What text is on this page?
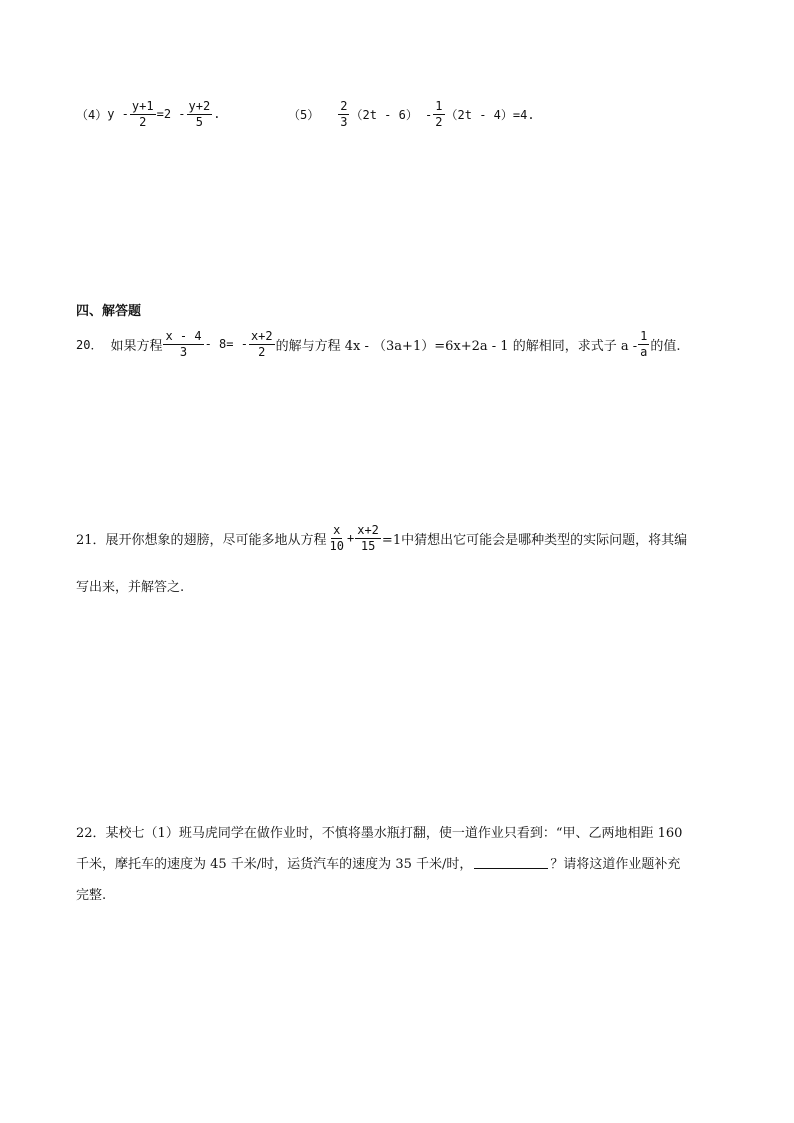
（4） $y - \frac{y+1}{2} =2 - \frac{y+2}{5}$ .	$(5) \frac{2}{3} (2t - 6) - \frac{1}{2} (2t - 4)=4$.
四、解答题
20． 如果方程 $\frac{x - 4}{3} - 8= - \frac{x+2}{2}$ 的解与方程 4x - （3a+1）=6x+2a - 1 的解相同，求式子 a - $\frac{1}{a}$ 的值.
21．展开你想象的翅膀，尽可能多地从方程 $\frac{x}{10} + \frac{x+2}{15} =1$中猜想出它可能会是哪种类型的实际问题，将其编
写出来，并解答之.
22．某校七（1）班马虎同学在做作业时，不慎将墨水瓶打翻，使一道作业只看到：“甲、乙两地相距 160
千米，摩托车的速度为 45 千米/时，运货汽车的速度为 35 千米/时，	？请将这道作业题补充
完整.
